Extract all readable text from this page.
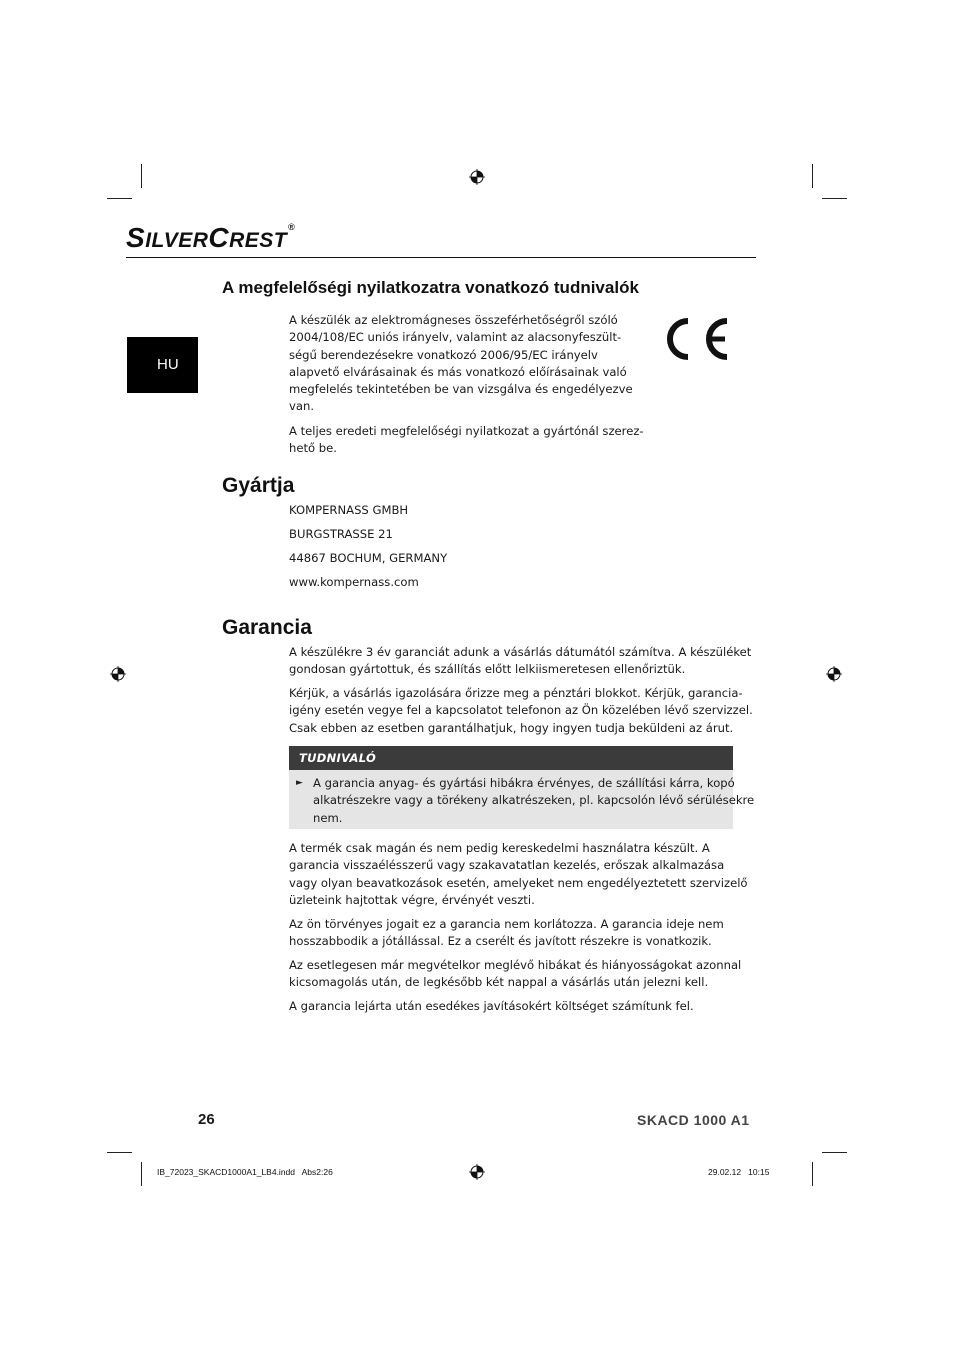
SILVERCREST®
HU
A megfelelőségi nyilatkozatra vonatkozó tudnivalók
A készülék az elektromágneses összeférhetőségről szóló
2004/108/EC uniós irányelv, valamint az alacsonyfeszült-
ségű berendezésekre vonatkozó 2006/95/EC irányelv
alapvető elvárásainak és más vonatkozó előírásainak való
megfelelés tekintetében be van vizsgálva és engedélyezve
van.
A teljes eredeti megfelelőségi nyilatkozat a gyártónál szerez-
hető be.
Gyártja
KOMPERNASS GMBH
BURGSTRASSE 21
44867 BOCHUM, GERMANY
www.kompernass.com
Garancia
A készülékre 3 év garanciát adunk a vásárlás dátumától számítva. A készüléket
gondosan gyártottuk, és szállítás előtt lelkiismeretesen ellenőriztük.
Kérjük, a vásárlás igazolására őrizze meg a pénztári blokkot. Kérjük, garancia-
igény esetén vegye fel a kapcsolatot telefonon az Ön közelében lévő szervizzel.
Csak ebben az esetben garantálhatjuk, hogy ingyen tudja beküldeni az árut.
TUDNIVALÓ
► A garancia anyag- és gyártási hibákra érvényes, de szállítási kárra, kopó
alkatrészekre vagy a törékeny alkatrészeken, pl. kapcsolón lévő sérülésekre
nem.
A termék csak magán és nem pedig kereskedelmi használatra készült. A
garancia visszaélésszerű vagy szakavatatlan kezelés, erőszak alkalmazása
vagy olyan beavatkozások esetén, amelyeket nem engedélyeztetett szervizelő
üzleteink hajtottak végre, érvényét veszti.
Az ön törvényes jogait ez a garancia nem korlátozza. A garancia ideje nem
hosszabbodik a jótállással. Ez a cserélt és javított részekre is vonatkozik.
Az esetlegesen már megvételkor meglévő hibákat és hiányosságokat azonnal
kicsomagolás után, de legkésőbb két nappal a vásárlás után jelezni kell.
A garancia lejárta után esedékes javításokért költséget számítunk fel.
26	SKACD 1000 A1
IB_72023_SKACD1000A1_LB4.indd   Abs2:26	29.02.12   10:15
